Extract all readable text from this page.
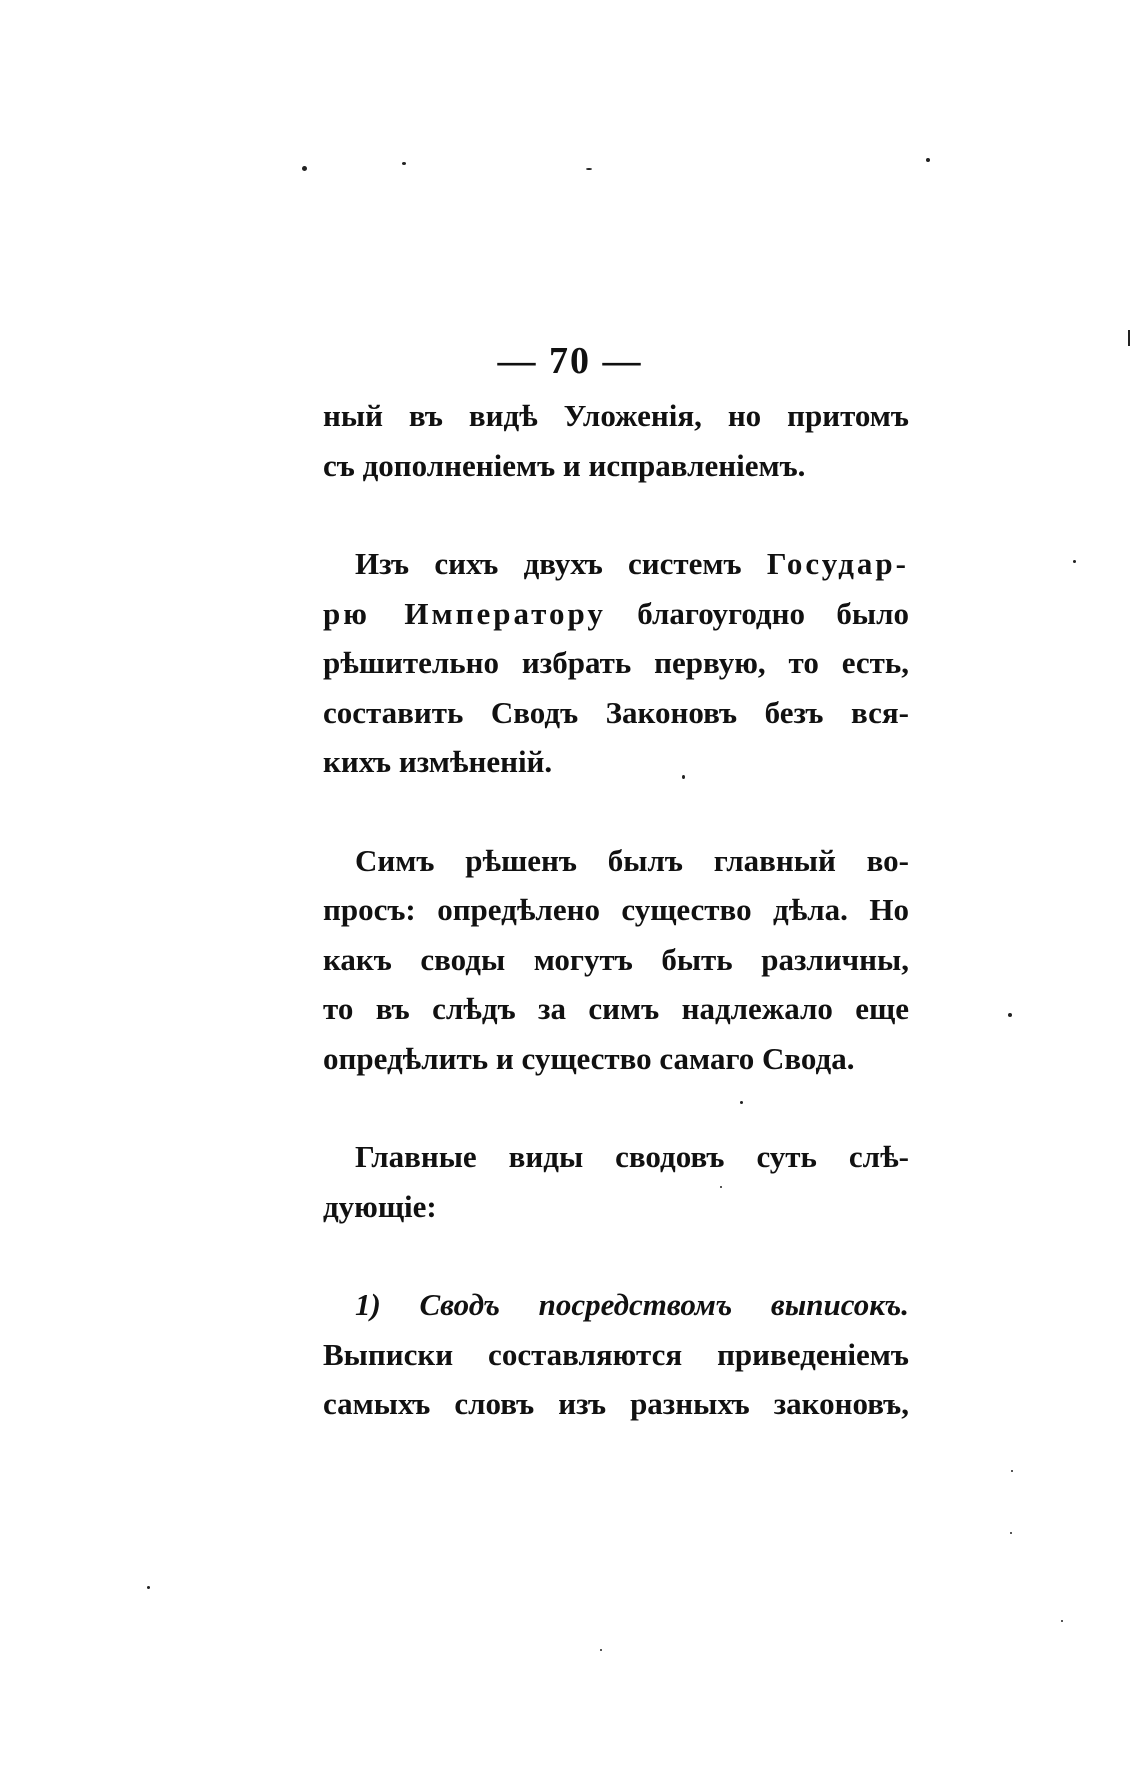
— 70 —
ный въ видѣ Уложенія, но притомъ
съ дополненіемъ и исправленіемъ.
Изъ сихъ двухъ системъ Государ-
рю Императору благоугодно было
рѣшительно избрать первую, то есть,
составить Сводъ Законовъ безъ вся-
кихъ измѣненій.
Симъ рѣшенъ былъ главный во-
просъ: опредѣлено существо дѣла. Но
какъ своды могутъ быть различны,
то въ слѣдъ за симъ надлежало еще
опредѣлить и существо самаго Свода.
Главные виды сводовъ суть слѣ-
дующіе:
1) Сводъ посредствомъ выписокъ.
Выписки составляются приведеніемъ
самыхъ словъ изъ разныхъ законовъ,
